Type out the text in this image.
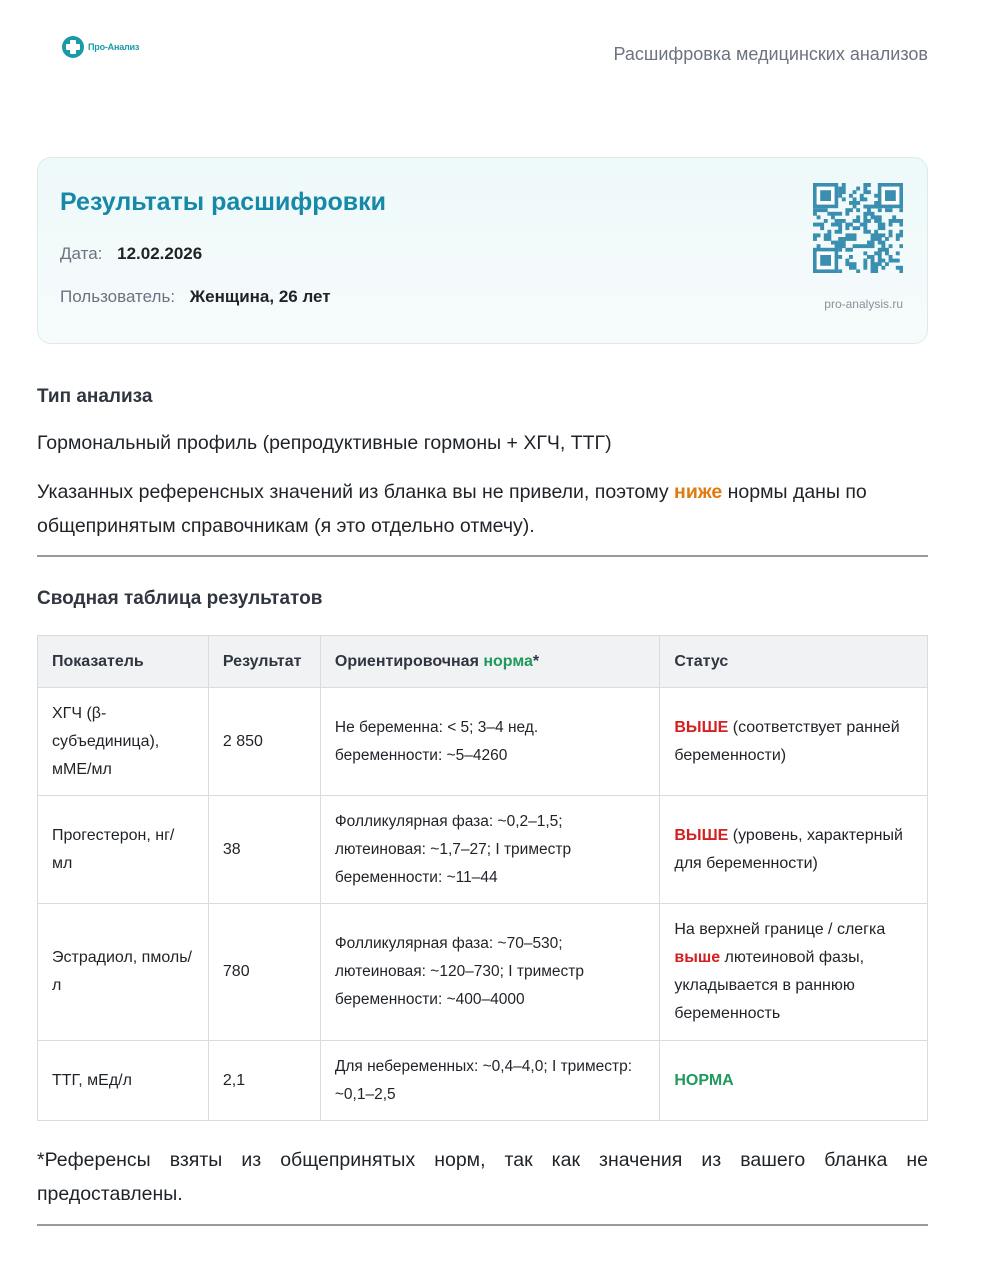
Про-Анализ	Расшифровка медицинских анализов
Результаты расшифровки
Дата: 12.02.2026
Пользователь: Женщина, 26 лет	pro-analysis.ru
Тип анализа
Гормональный профиль (репродуктивные гормоны + ХГЧ, ТТГ)
Указанных референсных значений из бланка вы не привели, поэтому ниже нормы даны по общепринятым справочникам (я это отдельно отмечу).
Сводная таблица результатов
Показатель	Результат	Ориентировочная норма*	Статус
ХГЧ (β-субъединица), мМЕ/мл	2 850	Не беременна: < 5; 3–4 нед. беременности: ~5–4260	ВЫШЕ (соответствует ранней беременности)
Прогестерон, нг/мл	38	Фолликулярная фаза: ~0,2–1,5; лютеиновая: ~1,7–27; I триместр беременности: ~11–44	ВЫШЕ (уровень, характерный для беременности)
Эстрадиол, пмоль/л	780	Фолликулярная фаза: ~70–530; лютеиновая: ~120–730; I триместр беременности: ~400–4000	На верхней границе / слегка выше лютеиновой фазы, укладывается в раннюю беременность
ТТГ, мЕд/л	2,1	Для небеременных: ~0,4–4,0; I триместр: ~0,1–2,5	НОРМА
*Референсы взяты из общепринятых норм, так как значения из вашего бланка не предоставлены.
